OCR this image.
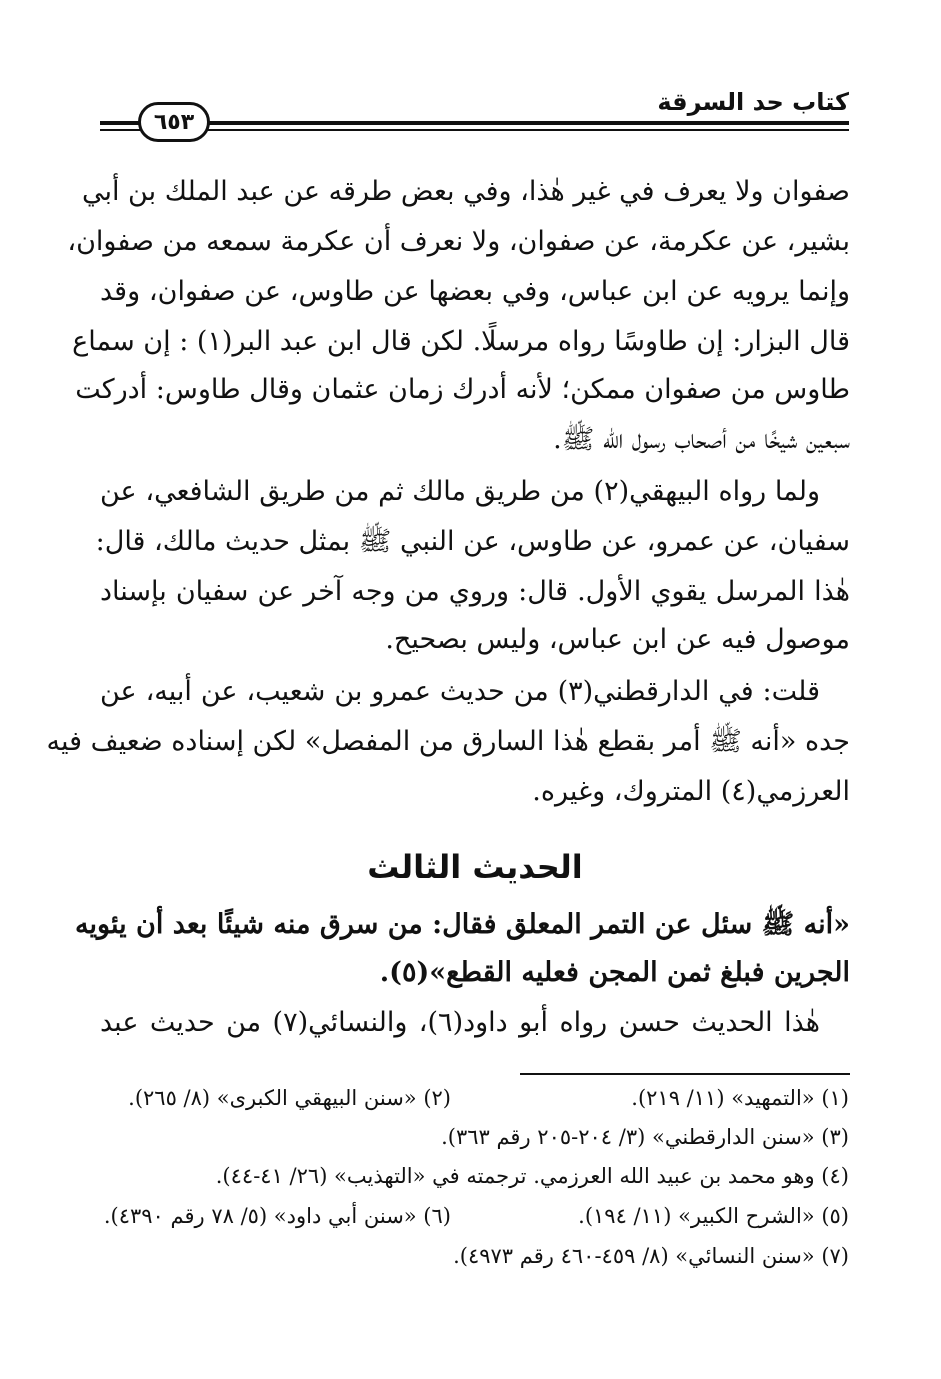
كتاب حد السرقة
٦٥٣
صفوان ولا يعرف في غير هٰذا، وفي بعض طرقه عن عبد الملك بن أبي
بشير، عن عكرمة، عن صفوان، ولا نعرف أن عكرمة سمعه من صفوان،
وإنما يرويه عن ابن عباس، وفي بعضها عن طاوس، عن صفوان، وقد
قال البزار: إن طاوسًا رواه مرسلًا. لكن قال ابن عبد البر(١) : إن سماع
طاوس من صفوان ممكن؛ لأنه أدرك زمان عثمان وقال طاوس: أدركت
سبعين شيخًا من أصحاب رسول الله ﷺ.
ولما رواه البيهقي(٢) من طريق مالك ثم من طريق الشافعي، عن
سفيان، عن عمرو، عن طاوس، عن النبي ﷺ بمثل حديث مالك، قال:
هٰذا المرسل يقوي الأول. قال: وروي من وجه آخر عن سفيان بإسناد
موصول فيه عن ابن عباس، وليس بصحيح.
قلت: في الدارقطني(٣) من حديث عمرو بن شعيب، عن أبيه، عن
جده «أنه ﷺ أمر بقطع هٰذا السارق من المفصل» لكن إسناده ضعيف فيه
العرزمي(٤) المتروك، وغيره.
الحديث الثالث
«أنه ﷺ سئل عن التمر المعلق فقال: من سرق منه شيئًا بعد أن يئويه
الجرين فبلغ ثمن المجن فعليه القطع»(٥).
هٰذا الحديث حسن رواه أبو داود(٦)، والنسائي(٧) من حديث عبد
(١) «التمهيد» (١١/ ٢١٩).
(٢) «سنن البيهقي الكبرى» (٨/ ٢٦٥).
(٣) «سنن الدارقطني» (٣/ ٢٠٤-٢٠٥ رقم ٣٦٣).
(٤) وهو محمد بن عبيد الله العرزمي. ترجمته في «التهذيب» (٢٦/ ٤١-٤٤).
(٥) «الشرح الكبير» (١١/ ١٩٤).
(٦) «سنن أبي داود» (٥/ ٧٨ رقم ٤٣٩٠).
(٧) «سنن النسائي» (٨/ ٤٥٩-٤٦٠ رقم ٤٩٧٣).
